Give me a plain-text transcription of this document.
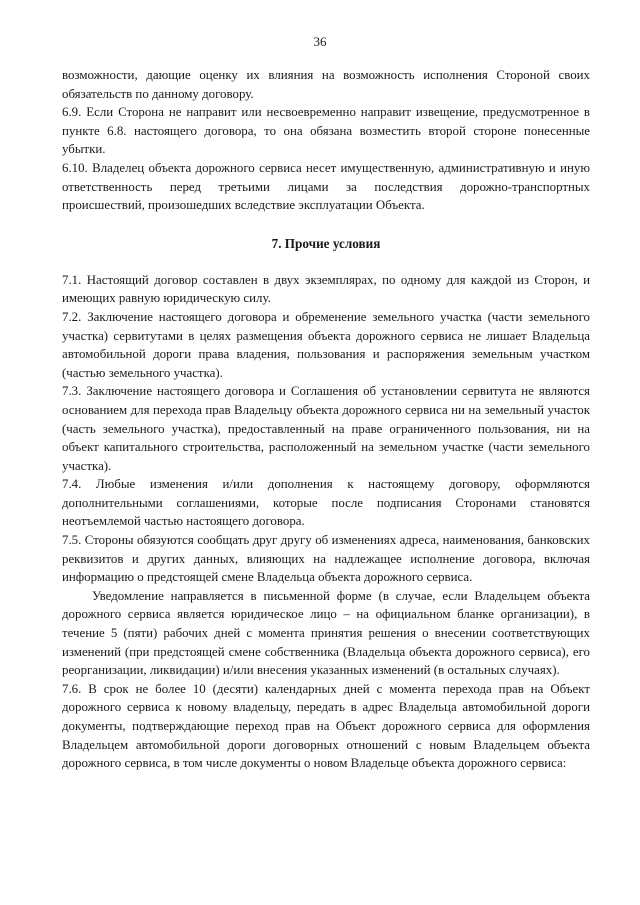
36

возможности, дающие оценку их влияния на возможность исполнения Стороной своих обязательств по данному договору.

6.9. Если Сторона не направит или несвоевременно направит извещение, предусмотренное в пункте 6.8. настоящего договора, то она обязана возместить второй стороне понесенные убытки.

6.10. Владелец объекта дорожного сервиса несет имущественную, административную и иную ответственность перед третьими лицами за последствия дорожно-транспортных происшествий, произошедших вследствие эксплуатации Объекта.

7. Прочие условия

7.1. Настоящий договор составлен в двух экземплярах, по одному для каждой из Сторон, и имеющих равную юридическую силу.

7.2. Заключение настоящего договора и обременение земельного участка (части земельного участка) сервитутами в целях размещения объекта дорожного сервиса не лишает Владельца автомобильной дороги права владения, пользования и распоряжения земельным участком (частью земельного участка).

7.3. Заключение настоящего договора и Соглашения об установлении сервитута не являются основанием для перехода прав Владельцу объекта дорожного сервиса ни на земельный участок (часть земельного участка), предоставленный на праве ограниченного пользования, ни на объект капитального строительства, расположенный на земельном участке (части земельного участка).

7.4. Любые изменения и/или дополнения к настоящему договору, оформляются дополнительными соглашениями, которые после подписания Сторонами становятся неотъемлемой частью настоящего договора.

7.5. Стороны обязуются сообщать друг другу об изменениях адреса, наименования, банковских реквизитов и других данных, влияющих на надлежащее исполнение договора, включая информацию о предстоящей смене Владельца объекта дорожного сервиса.

Уведомление направляется в письменной форме (в случае, если Владельцем объекта дорожного сервиса является юридическое лицо – на официальном бланке организации), в течение 5 (пяти) рабочих дней с момента принятия решения о внесении соответствующих изменений (при предстоящей смене собственника (Владельца объекта дорожного сервиса), его реорганизации, ликвидации) и/или внесения указанных изменений (в остальных случаях).

7.6. В срок не более 10 (десяти) календарных дней с момента перехода прав на Объект дорожного сервиса к новому владельцу, передать в адрес Владельца автомобильной дороги документы, подтверждающие переход прав на Объект дорожного сервиса для оформления Владельцем автомобильной дороги договорных отношений с новым Владельцем объекта дорожного сервиса, в том числе документы о новом Владельце объекта дорожного сервиса:
